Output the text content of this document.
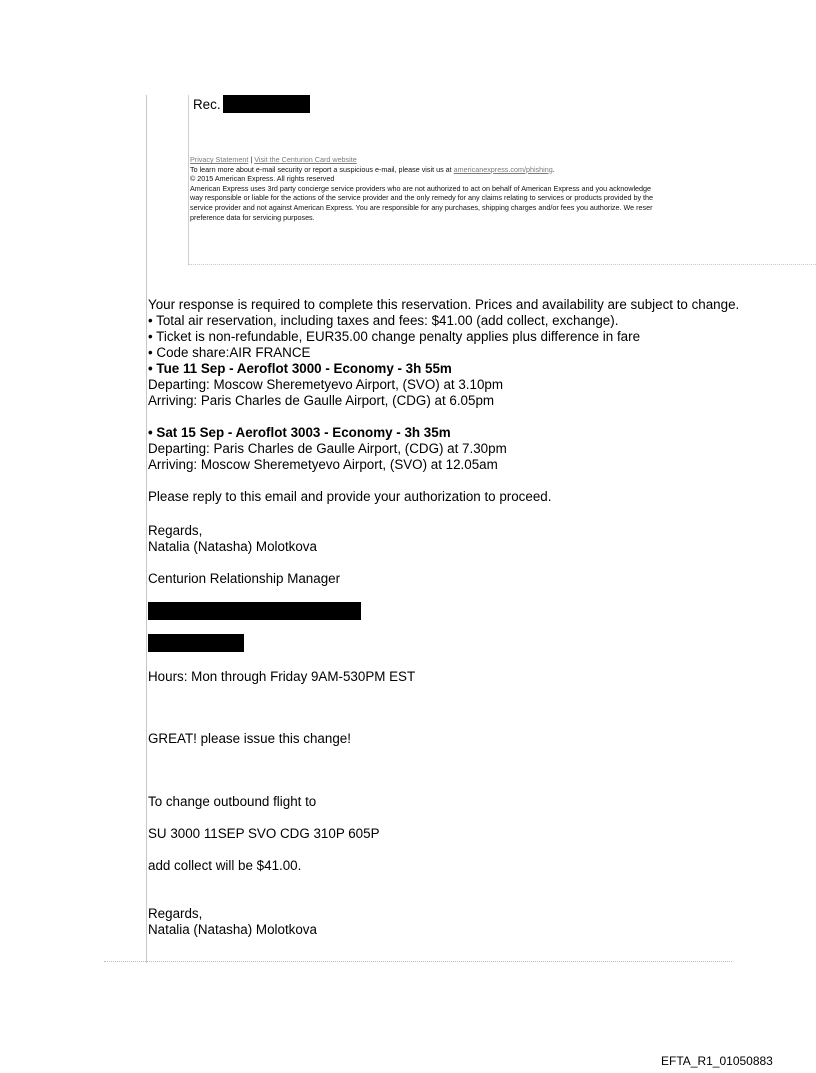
Rec.
Privacy Statement | Visit the Centurion Card website
To learn more about e-mail security or report a suspicious e-mail, please visit us at americanexpress.com/phishing.
© 2015 American Express. All rights reserved
American Express uses 3rd party concierge service providers who are not authorized to act on behalf of American Express and you acknowledge
way responsible or liable for the actions of the service provider and the only remedy for any claims relating to services or products provided by the
service provider and not against American Express. You are responsible for any purchases, shipping charges and/or fees you authorize. We reser
preference data for servicing purposes.
Your response is required to complete this reservation. Prices and availability are subject to change.
• Total air reservation, including taxes and fees: $41.00 (add collect, exchange).
• Ticket is non-refundable, EUR35.00 change penalty applies plus difference in fare
• Code share:AIR FRANCE
• Tue 11 Sep - Aeroflot 3000 - Economy - 3h 55m
Departing: Moscow Sheremetyevo Airport, (SVO) at 3.10pm
Arriving: Paris Charles de Gaulle Airport, (CDG) at 6.05pm
• Sat 15 Sep - Aeroflot 3003 - Economy - 3h 35m
Departing: Paris Charles de Gaulle Airport, (CDG) at 7.30pm
Arriving: Moscow Sheremetyevo Airport, (SVO) at 12.05am
Please reply to this email and provide your authorization to proceed.
Regards,
Natalia (Natasha) Molotkova
Centurion Relationship Manager
Hours: Mon through Friday 9AM-530PM EST
GREAT! please issue this change!
To change outbound flight to
SU 3000 11SEP SVO CDG 310P 605P
add collect will be $41.00.
Regards,
Natalia (Natasha) Molotkova
EFTA_R1_01050883
